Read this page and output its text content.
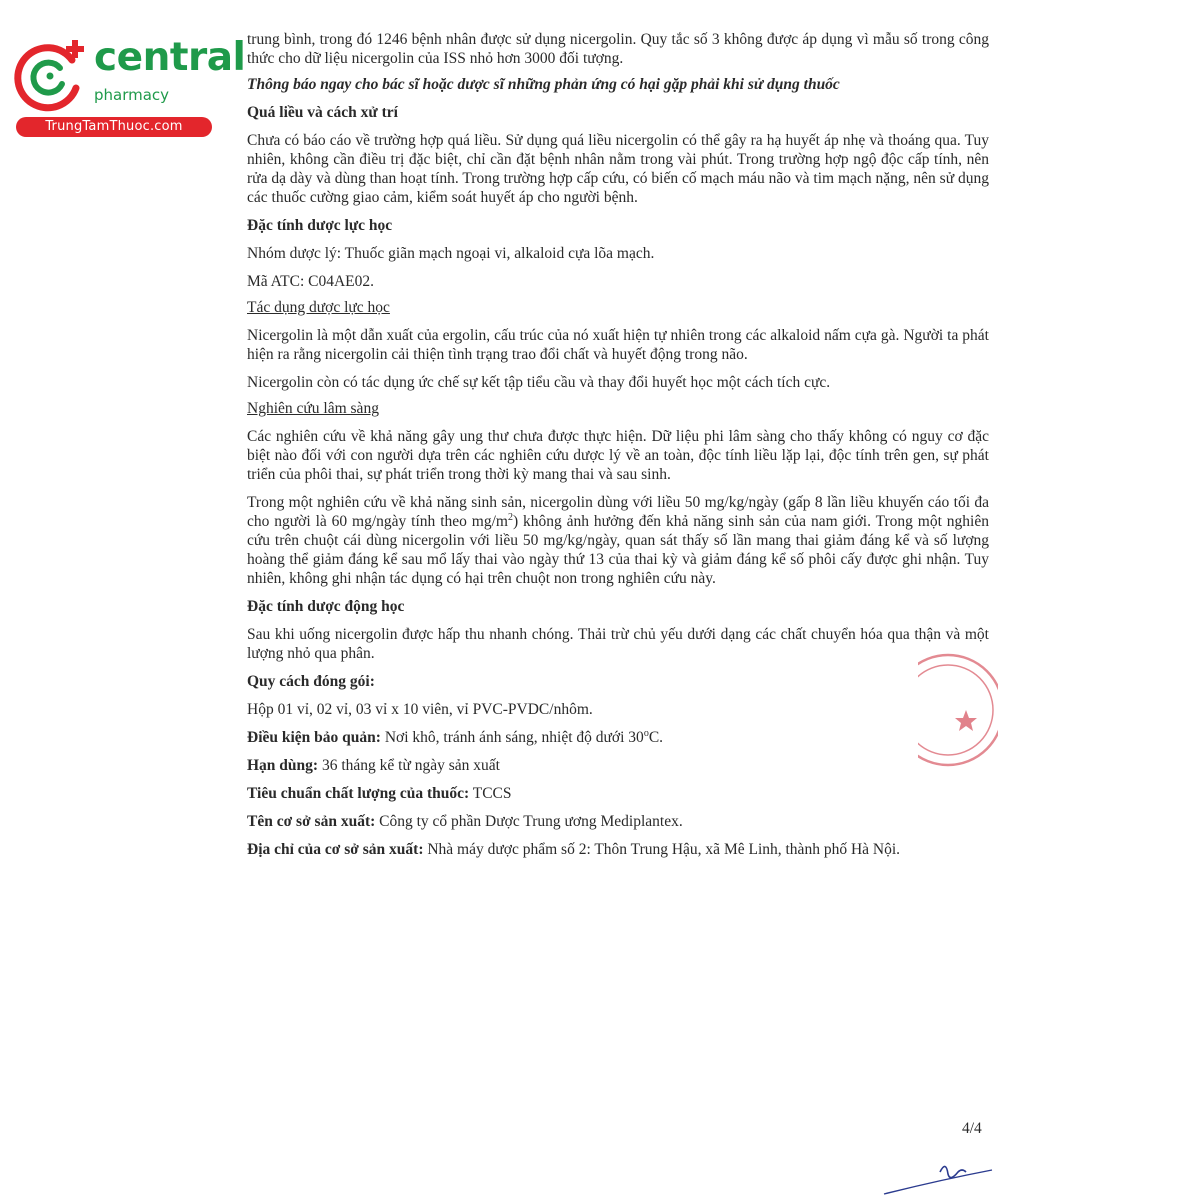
central
pharmacy
TrungTamThuoc.com

trung bình, trong đó 1246 bệnh nhân được sử dụng nicergolin. Quy tắc số 3 không được áp dụng vì mẫu số trong công thức cho dữ liệu nicergolin của ISS nhỏ hơn 3000 đối tượng.

Thông báo ngay cho bác sĩ hoặc dược sĩ những phản ứng có hại gặp phải khi sử dụng thuốc

Quá liều và cách xử trí

Chưa có báo cáo về trường hợp quá liều. Sử dụng quá liều nicergolin có thể gây ra hạ huyết áp nhẹ và thoáng qua. Tuy nhiên, không cần điều trị đặc biệt, chỉ cần đặt bệnh nhân nằm trong vài phút. Trong trường hợp ngộ độc cấp tính, nên rửa dạ dày và dùng than hoạt tính. Trong trường hợp cấp cứu, có biến cố mạch máu não và tim mạch nặng, nên sử dụng các thuốc cường giao cảm, kiểm soát huyết áp cho người bệnh.

Đặc tính dược lực học

Nhóm dược lý: Thuốc giãn mạch ngoại vi, alkaloid cựa lõa mạch.

Mã ATC: C04AE02.

Tác dụng dược lực học

Nicergolin là một dẫn xuất của ergolin, cấu trúc của nó xuất hiện tự nhiên trong các alkaloid nấm cựa gà. Người ta phát hiện ra rằng nicergolin cải thiện tình trạng trao đổi chất và huyết động trong não.

Nicergolin còn có tác dụng ức chế sự kết tập tiểu cầu và thay đổi huyết học một cách tích cực.

Nghiên cứu lâm sàng

Các nghiên cứu về khả năng gây ung thư chưa được thực hiện. Dữ liệu phi lâm sàng cho thấy không có nguy cơ đặc biệt nào đối với con người dựa trên các nghiên cứu dược lý về an toàn, độc tính liều lặp lại, độc tính trên gen, sự phát triển của phôi thai, sự phát triển trong thời kỳ mang thai và sau sinh.

Trong một nghiên cứu về khả năng sinh sản, nicergolin dùng với liều 50 mg/kg/ngày (gấp 8 lần liều khuyến cáo tối đa cho người là 60 mg/ngày tính theo $mg/m^2$) không ảnh hưởng đến khả năng sinh sản của nam giới. Trong một nghiên cứu trên chuột cái dùng nicergolin với liều 50 mg/kg/ngày, quan sát thấy số lần mang thai giảm đáng kể và số lượng hoàng thể giảm đáng kể sau mổ lấy thai vào ngày thứ 13 của thai kỳ và giảm đáng kể số phôi cấy được ghi nhận. Tuy nhiên, không ghi nhận tác dụng có hại trên chuột non trong nghiên cứu này.

Đặc tính dược động học

Sau khi uống nicergolin được hấp thu nhanh chóng. Thải trừ chủ yếu dưới dạng các chất chuyển hóa qua thận và một lượng nhỏ qua phân.

Quy cách đóng gói:

Hộp 01 vỉ, 02 vỉ, 03 vỉ x 10 viên, vỉ PVC-PVDC/nhôm.

Điều kiện bảo quản: Nơi khô, tránh ánh sáng, nhiệt độ dưới 30$^o$C.

Hạn dùng: 36 tháng kể từ ngày sản xuất

Tiêu chuẩn chất lượng của thuốc: TCCS

Tên cơ sở sản xuất: Công ty cổ phần Dược Trung ương Mediplantex.

Địa chỉ của cơ sở sản xuất: Nhà máy dược phẩm số 2: Thôn Trung Hậu, xã Mê Linh, thành phố Hà Nội.

4/4
